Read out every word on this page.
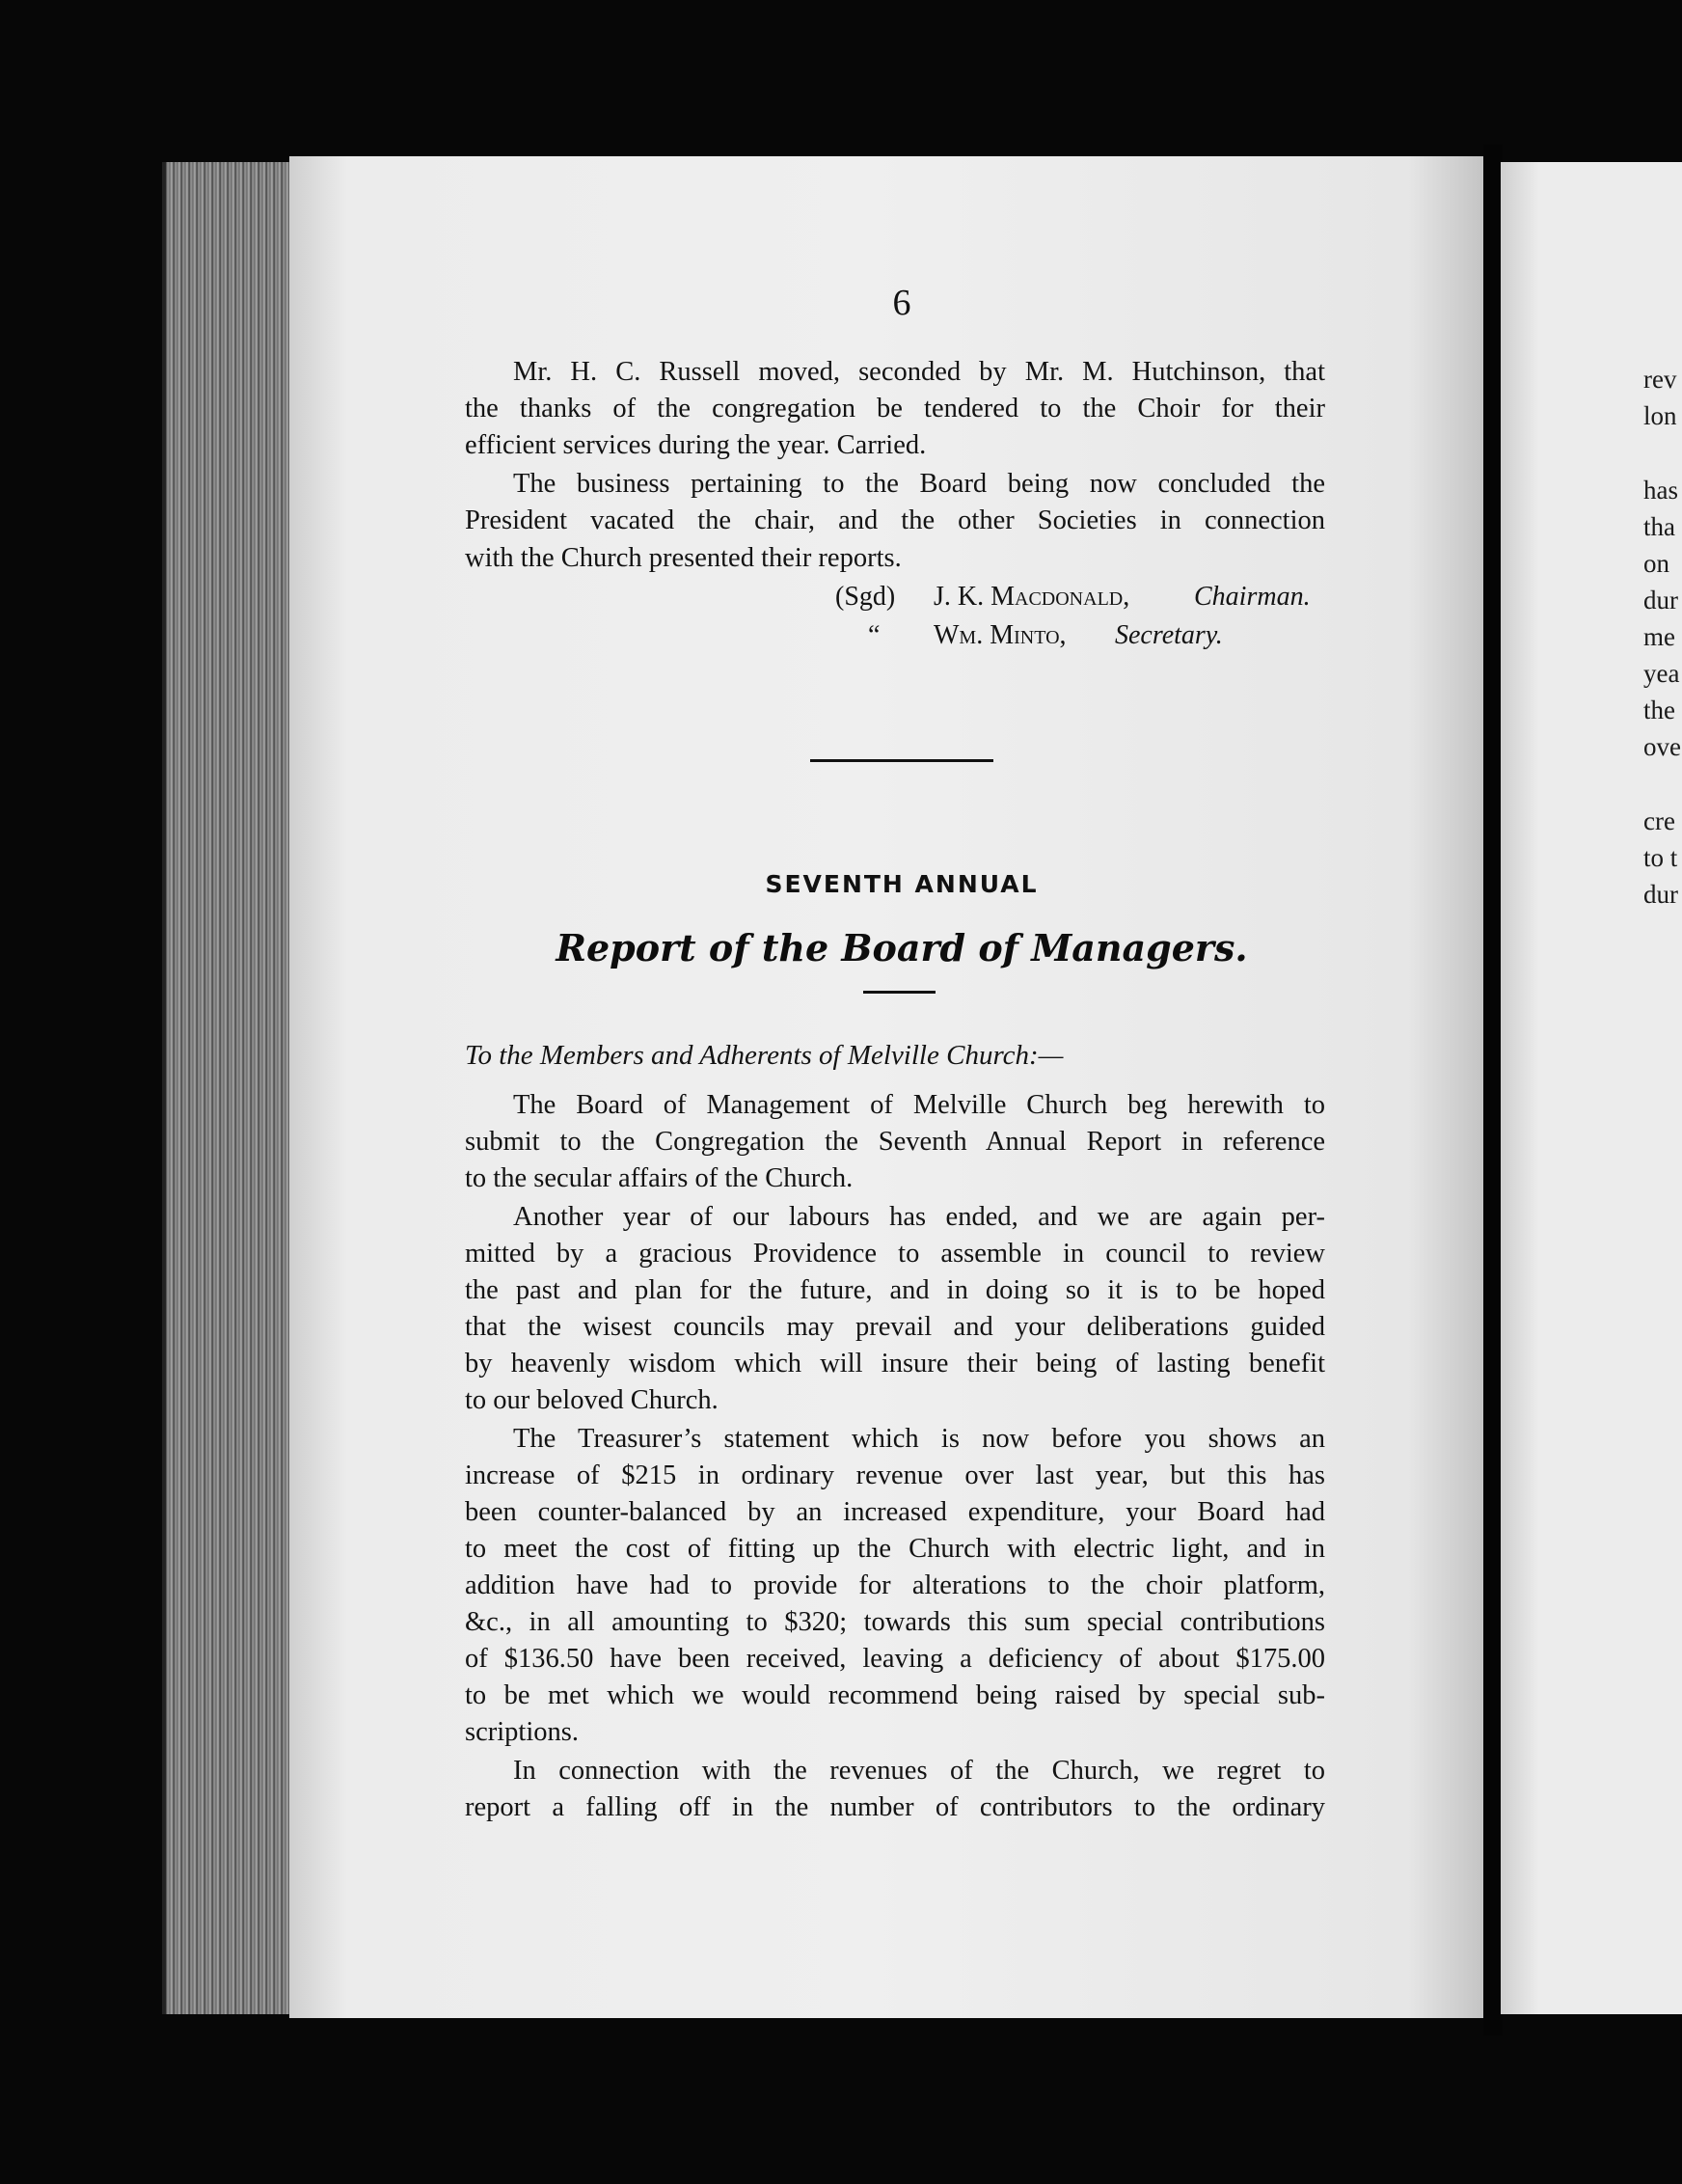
rev
lon
has
tha
on
dur
me
yea
the
ove
cre
to t
dur
6
Mr. H. C. Russell moved, seconded by Mr. M. Hutchinson, that
the thanks of the congregation be tendered to the Choir for their
efficient services during the year. Carried.
The business pertaining to the Board being now concluded the
President vacated the chair, and the other Societies in connection
with the Church presented their reports.
(Sgd) J. K. Macdonald, Chairman.
“ Wm. Minto, Secretary.
SEVENTH ANNUAL
Report of the Board of Managers.
To the Members and Adherents of Melville Church:—
The Board of Management of Melville Church beg herewith to
submit to the Congregation the Seventh Annual Report in reference
to the secular affairs of the Church.
Another year of our labours has ended, and we are again per-
mitted by a gracious Providence to assemble in council to review
the past and plan for the future, and in doing so it is to be hoped
that the wisest councils may prevail and your deliberations guided
by heavenly wisdom which will insure their being of lasting benefit
to our beloved Church.
The Treasurer’s statement which is now before you shows an
increase of $215 in ordinary revenue over last year, but this has
been counter-balanced by an increased expenditure, your Board had
to meet the cost of fitting up the Church with electric light, and in
addition have had to provide for alterations to the choir platform,
&c., in all amounting to $320; towards this sum special contributions
of $136.50 have been received, leaving a deficiency of about $175.00
to be met which we would recommend being raised by special sub-
scriptions.
In connection with the revenues of the Church, we regret to
report a falling off in the number of contributors to the ordinary
